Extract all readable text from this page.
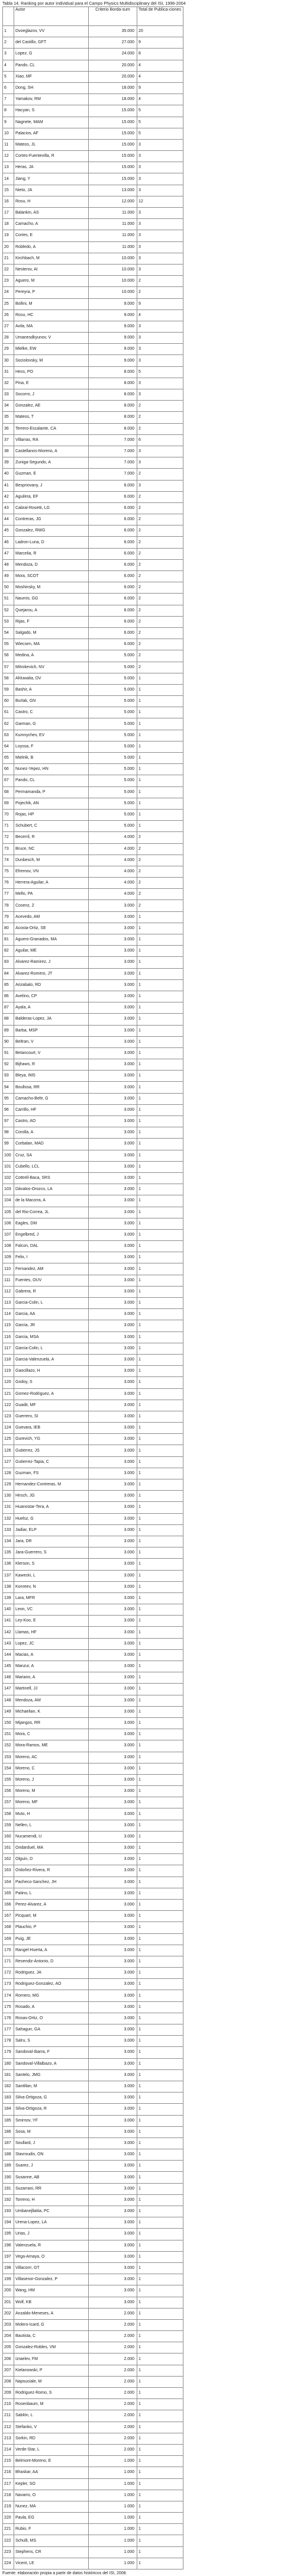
Tabla 14. Ranking por autor individual para el Campo Physics Multidisciplinary del ISI, 1996-2004
	Autor	Criterio Borda-sum	Total de Publica-ciones
1	Dvoeglazov, VV	35.000	20
2	del Castillo, GFT	27.000	9
3	Lopez, G	24.000	8
4	Pando, CL	20.000	4
5	Xiao, MF	20.000	4
6	Dong, SH	18.000	9
7	Yamakov, RM	18.000	4
8	Hacyan, S	15.000	5
9	Nagnete, MAM	15.000	5
10	Palacios, AF	15.000	5
11	Mateos, JL	15.000	3
12	Cortes-Fuentevilla, R	15.000	3
13	Heras, JA	15.000	3
14	Jiang, Y	15.000	3
15	Nieto, JA	13.000	3
16	Rosu, H	12.000	12
17	Balankin, AS	11.000	3
18	Camacho, A	11.000	3
19	Cortes, E	11.000	3
20	Robledo, A	11.000	3
21	Kirchbach, M	10.000	3
22	Nesterov, AI	10.000	3
23	Aguero, M	10.000	2
24	Pereyra, P	10.000	2
25	Bollini, M	9.000	9
26	Rosu, HC	9.000	4
27	Avila, MA	9.000	3
28	Umanesdkyunov, V	9.000	3
29	Mielke, EW	9.000	3
30	Sociolovsky, M	9.000	3
31	Hess, PO	8.000	5
32	Pina, E	8.000	3
33	Socorro, J	8.000	3
34	Gonzalez, AE	8.000	2
35	Mateos, T	8.000	2
36	Terrero-Escalante, CA	8.000	2
37	Villarras, RA	7.000	6
38	Castellanos-Moreno, A	7.000	3
39	Zuniga-Segundo, A	7.000	3
40	Guzman, E	7.000	2
41	Bespriovany, J	6.000	3
42	Aguilera, EF	6.000	2
43	Cabral-Rosetti, LG	6.000	2
44	Contreras, JG	6.000	2
45	Gonzalez, RWG	6.000	2
46	Ladron-Luna, D	6.000	2
47	Marcelia, R	6.000	2
48	Mendoza, D	6.000	2
49	Mora, SCOT	6.000	2
50	Moshinsky, M	6.000	2
51	Naumis, GG	6.000	2
52	Quejarou, A	6.000	2
53	Rijas, F	6.000	2
54	Salgado, M	6.000	2
55	Wiecsen, MA	6.000	2
56	Medina, A	5.000	2
57	Mitrokevich, NV	5.000	2
58	Ahluwalia, DV	5.000	1
59	Bashir, A	5.000	1
60	Burlak, GN	5.000	1
61	Castro, C	5.000	1
62	Garman, G	5.000	1
63	Kumnychev, EV	5.000	1
64	Loyssa, F	5.000	1
65	Mielnik, B	5.000	1
66	Nunez-Yepez, HN	5.000	1
67	Pando, CL	5.000	1
68	Permamanda, P	5.000	1
69	Pojechik, AN	5.000	1
70	Rojas, HP	5.000	1
71	Schubert, C	5.000	1
72	Becerril, R	4.000	2
73	Bruce, NC	4.000	2
74	Dunbesch, M	4.000	2
75	Efremov, VN	4.000	2
76	Herrera-Aguilar, A	4.000	2
77	Mello, PA	4.000	2
78	Cosenz, Z	3.000	2
79	Acevedo, AM	3.000	1
80	Acosta-Ortiz, SE	3.000	1
81	Aguero-Granados, MA	3.000	1
82	Aguilar, ME	3.000	1
83	Alvarez-Ramirez, J	3.000	1
84	Alvarez-Romero, JT	3.000	1
85	Arizabalo, RD	3.000	1
86	Avelino, CP	3.000	1
87	Ayala, A	3.000	1
88	Balderas-Lopez, JA	3.000	1
89	Barba, MSP	3.000	1
90	Beltran, V	3.000	1
91	Betancourt, V	3.000	1
92	Bijhaws, R	3.000	1
93	Bleya, IMS	3.000	1
94	Boullosa, RR	3.000	1
95	Camacho-Beltr, G	3.000	1
96	Carrillo, HF	3.000	1
97	Castro, AO	3.000	1
98	Corolla, A	3.000	1
99	Corbalan, MAD	3.000	1
100	Cruz, SA	3.000	1
101	Cubello, LCL	3.000	1
102	Cottrell-Baca, SRS	3.000	1
103	Dávalos-Orozco, LA	3.000	1
104	de la Macorra, A	3.000	1
105	del Rio-Correa, JL	3.000	1
106	Eagles, DM	3.000	1
107	Engelbred, J	3.000	1
108	Falcon, DAL	3.000	1
109	Felix, I	3.000	1
110	Fernandez, AM	3.000	1
111	Fuentes, OUV	3.000	1
112	Gabrera, R	3.000	1
113	Garcia-Colin, L	3.000	1
114	Garcia, AA	3.000	1
115	Garcia, JR	3.000	1
116	Garcia, MSA	3.000	1
117	Garcia-Colin, L	3.000	1
118	Garcia-Valenzuela, A	3.000	1
119	Gaocillazo, H	3.000	1
120	Godoy, S	3.000	1
121	Gomez-Rodriguez, A	3.000	1
122	Guadit, MF	3.000	1
123	Guerrero, SI	3.000	1
124	Guevara, IEB	3.000	1
125	Gurevich, YG	3.000	1
126	Gutierrez, JS	3.000	1
127	Gutierrez-Tapia, C	3.000	1
128	Guzman, FS	3.000	1
129	Hernandez-Contreras, M	3.000	1
130	Hirsch, JG	3.000	1
131	Huanostar-Tera, A	3.000	1
132	Huelsz, G	3.000	1
133	Jadiar, ELP	3.000	1
134	Jara, DR	3.000	1
135	Jara-Guerrero, S	3.000	1
136	Klerson, S	3.000	1
137	Kawecki, L	3.000	1
138	Konreev, N	3.000	1
139	Lara, MFR	3.000	1
140	Leon, VC	3.000	1
141	Ley-Koo, E	3.000	1
142	Llamas, HF	3.000	1
143	Lopez, JC	3.000	1
144	Macias, A	3.000	1
145	Manzur, A	3.000	1
146	Mariano, A	3.000	1
147	Martinell, JJ	3.000	1
148	Mendoza, AM	3.000	1
149	Michaelian, K	3.000	1
150	Mijangos, RR	3.000	1
151	Mora, C	3.000	1
152	Mora-Ramos, ME	3.000	1
153	Moreno, AC	3.000	1
154	Moreno, C	3.000	1
155	Moreno, J	3.000	1
156	Moreno, M	3.000	1
157	Moreno, MF	3.000	1
158	Muto, H	3.000	1
159	Nellen, L	3.000	1
160	Nucamendi, U	3.000	1
161	Ondarduel, MA	3.000	1
162	Olguin, D	3.000	1
163	Ordoñez-Rivera, R	3.000	1
164	Pacheco-Sanchez, JH	3.000	1
165	Patino, L	3.000	1
166	Perez-Alvarez, A	3.000	1
167	Picquart, M	3.000	1
168	Plauchio, P	3.000	1
169	Puig, JE	3.000	1
170	Rangel-Huerta, A	3.000	1
171	Resendiz-Antonio, D	3.000	1
172	Rodriguez, JA	3.000	1
173	Rodriguez-Gonzalez, AO	3.000	1
174	Romero, MG	3.000	1
175	Rosado, A	3.000	1
176	Rosas-Ortiz, O	3.000	1
177	Sahagun, GA	3.000	1
178	Salru, S	3.000	1
179	Sandoval-Ibarra, F	3.000	1
180	Sandoval-Villalbazo, A	3.000	1
181	Santelo, JMG	3.000	1
182	Santillan, M	3.000	1
183	Silva-Ortigoza, G	3.000	1
184	Silva-Ortigoza, R	3.000	1
185	Smirnov, YF	3.000	1
186	Sosa, M	3.000	1
187	Soullard, J	3.000	1
188	Stavroudis, ON	3.000	1
189	Suarez, J	3.000	1
190	Susanne, AB	3.000	1
191	Suzarrani, RR	3.000	1
192	Torreno, H	3.000	1
193	Umbanejllaitia, PC	3.000	1
194	Urena-Lopez, LA	3.000	1
195	Urias, J	3.000	1
196	Valenzuela, R	3.000	1
197	Vega-Amaya, O	3.000	1
198	Villacorrr, GT	3.000	1
199	Villasenor-Gonzalez, P	3.000	1
200	Wang, HM	3.000	1
201	Wolf, KB	3.000	1
202	Anzaldo-Meneses, A	2.000	1
203	Molero-Icard, G	2.000	1
204	Bautista, C	2.000	1
205	Gonzalez-Robles, VM	2.000	1
206	Izraelev, FM	2.000	1
207	Kielanowski, P	2.000	1
208	Napsuciale, M	2.000	1
209	Rodriguez-Romo, S	2.000	1
210	Rosenbaum, M	2.000	1
211	Sablón, L	2.000	1
212	Stefanko, V	2.000	1
213	Sorkin, RD	2.000	1
214	Verde-Star, L	2.000	1
215	Belmont-Moreno, E	1.000	1
216	Bhaskar, AA	1.000	1
217	Kepler, SO	1.000	1
218	Navarro, O	1.000	1
219	Nunez, MA	1.000	1
220	Paula, EG	1.000	1
221	Rubio, F	1.000	1
222	Schulli, MS	1.000	1
223	Stephens, CR	1.000	1
224	Vicent, LE	1.000	1
Fuente: elaboración propia a partir de datos históricos del ISI, 2008.
